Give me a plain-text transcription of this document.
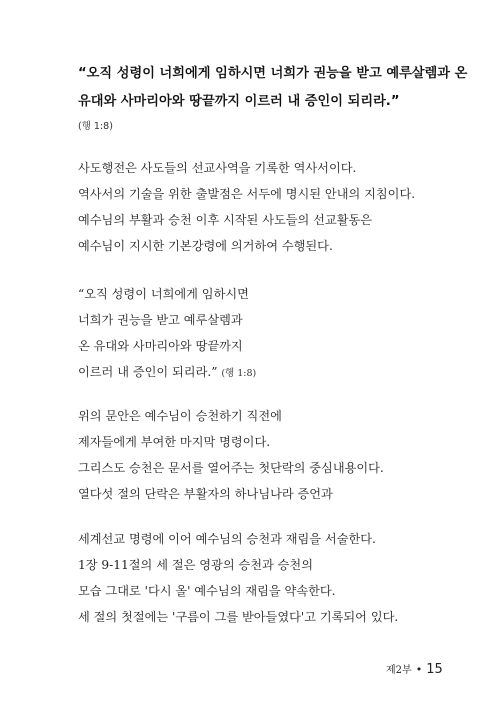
“오직 성령이 너희에게 임하시면 너희가 권능을 받고 예루살렘과 온
유대와 사마리아와 땅끝까지 이르러 내 증인이 되리라.”
(행 1:8)
사도행전은 사도들의 선교사역을 기록한 역사서이다.
역사서의 기술을 위한 출발점은 서두에 명시된 안내의 지침이다.
예수님의 부활과 승천 이후 시작된 사도들의 선교활동은
예수님이 지시한 기본강령에 의거하여 수행된다.
“오직 성령이 너희에게 임하시면
너희가 권능을 받고 예루살렘과
온 유대와 사마리아와 땅끝까지
이르러 내 증인이 되리라.” (행 1:8)
위의 문안은 예수님이 승천하기 직전에
제자들에게 부여한 마지막 명령이다.
그리스도 승천은 문서를 열어주는 첫단락의 중심내용이다.
열다섯 절의 단락은 부활자의 하나님나라 증언과
세계선교 명령에 이어 예수님의 승천과 재림을 서술한다.
1장 9-11절의 세 절은 영광의 승천과 승천의
모습 그대로 '다시 올' 예수님의 재림을 약속한다.
세 절의 첫절에는 '구름이 그를 받아들였다'고 기록되어 있다.
제2부 • 15
